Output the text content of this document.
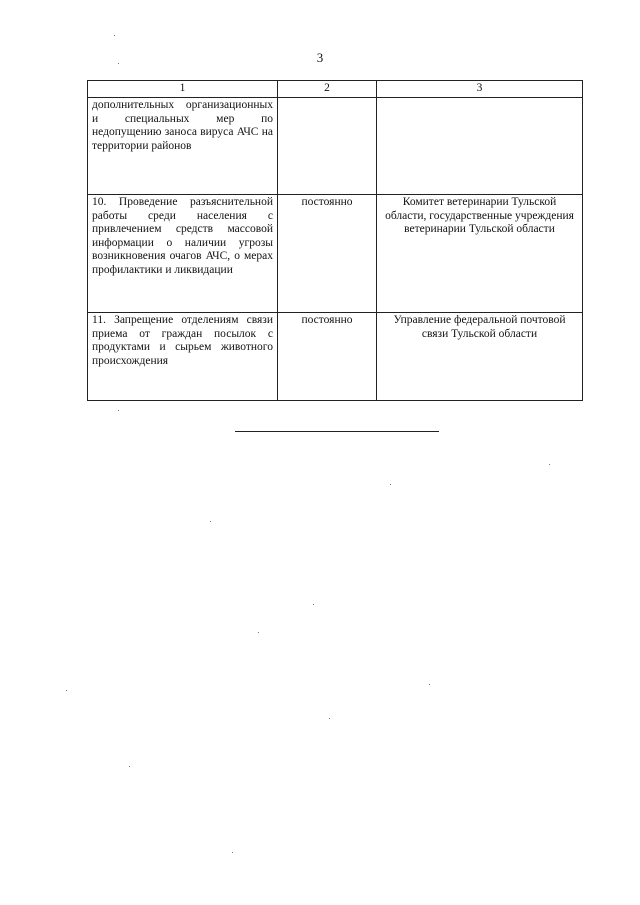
3
1	2	3
дополнительных организационных и специальных мер по недопущению заноса вируса АЧС на территории районов		
10. Проведение разъяснительной работы среди населения с привлечением средств массовой информации о наличии угрозы возникновения очагов АЧС, о мерах профилактики и ликвидации	постоянно	Комитет ветеринарии Тульской области, государственные учреждения ветеринарии Тульской области
11. Запрещение отделениям связи приема от граждан посылок с продуктами и сырьем животного происхождения	постоянно	Управление федеральной почтовой связи Тульской области
